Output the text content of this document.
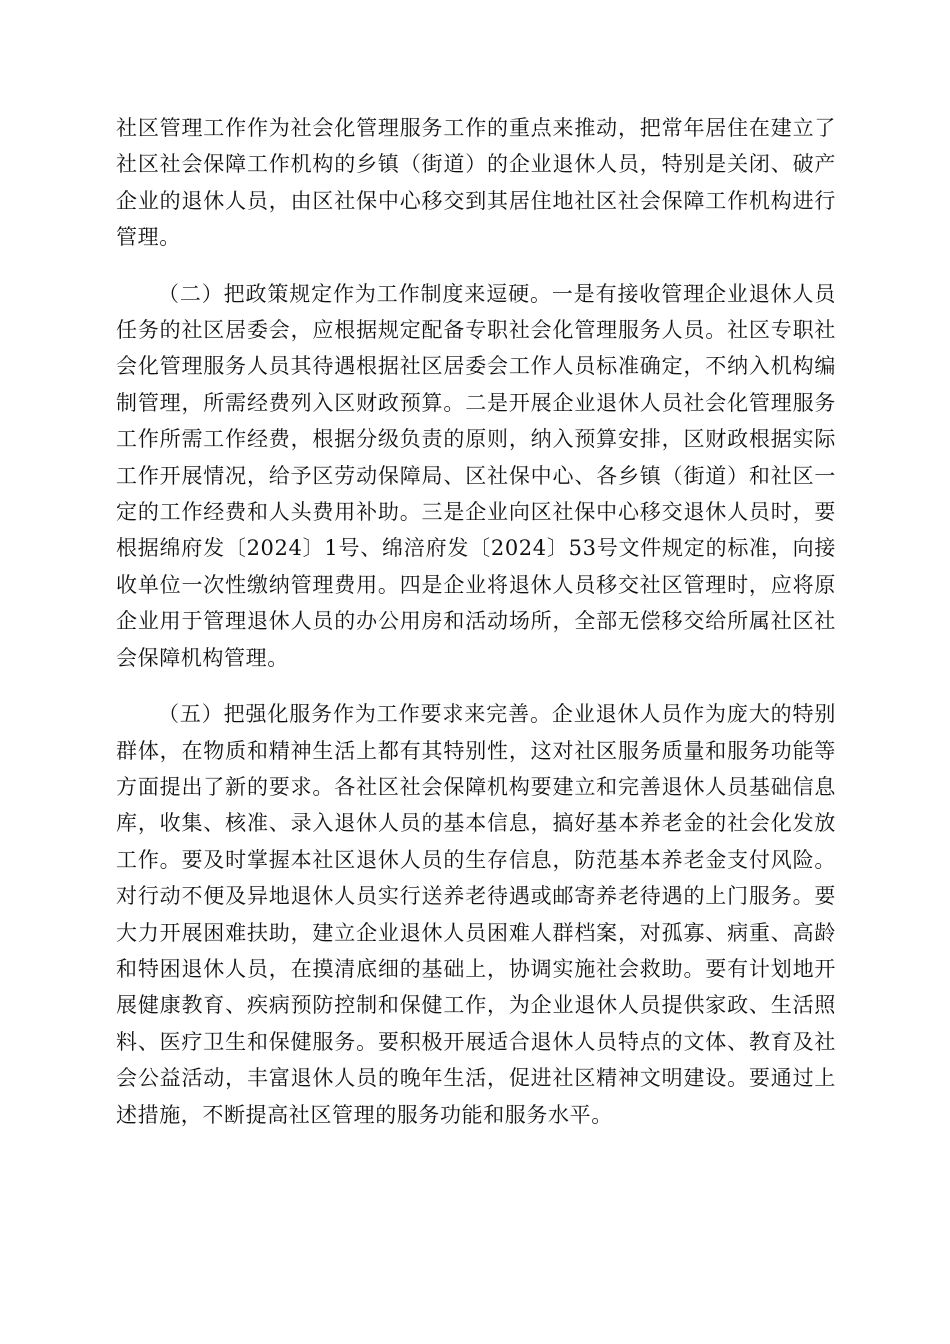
社区管理工作作为社会化管理服务工作的重点来推动，把常年居住在建立了社区社会保障工作机构的乡镇（街道）的企业退休人员，特别是关闭、破产企业的退休人员，由区社保中心移交到其居住地社区社会保障工作机构进行管理。

（二）把政策规定作为工作制度来逗硬。一是有接收管理企业退休人员任务的社区居委会，应根据规定配备专职社会化管理服务人员。社区专职社会化管理服务人员其待遇根据社区居委会工作人员标准确定，不纳入机构编制管理，所需经费列入区财政预算。二是开展企业退休人员社会化管理服务工作所需工作经费，根据分级负责的原则，纳入预算安排，区财政根据实际工作开展情况，给予区劳动保障局、区社保中心、各乡镇（街道）和社区一定的工作经费和人头费用补助。三是企业向区社保中心移交退休人员时，要根据绵府发〔2024〕1号、绵涪府发〔2024〕53号文件规定的标准，向接收单位一次性缴纳管理费用。四是企业将退休人员移交社区管理时，应将原企业用于管理退休人员的办公用房和活动场所，全部无偿移交给所属社区社会保障机构管理。

（五）把强化服务作为工作要求来完善。企业退休人员作为庞大的特别群体，在物质和精神生活上都有其特别性，这对社区服务质量和服务功能等方面提出了新的要求。各社区社会保障机构要建立和完善退休人员基础信息库，收集、核准、录入退休人员的基本信息，搞好基本养老金的社会化发放工作。要及时掌握本社区退休人员的生存信息，防范基本养老金支付风险。对行动不便及异地退休人员实行送养老待遇或邮寄养老待遇的上门服务。要大力开展困难扶助，建立企业退休人员困难人群档案，对孤寡、病重、高龄和特困退休人员，在摸清底细的基础上，协调实施社会救助。要有计划地开展健康教育、疾病预防控制和保健工作，为企业退休人员提供家政、生活照料、医疗卫生和保健服务。要积极开展适合退休人员特点的文体、教育及社会公益活动，丰富退休人员的晚年生活，促进社区精神文明建设。要通过上述措施，不断提高社区管理的服务功能和服务水平。
